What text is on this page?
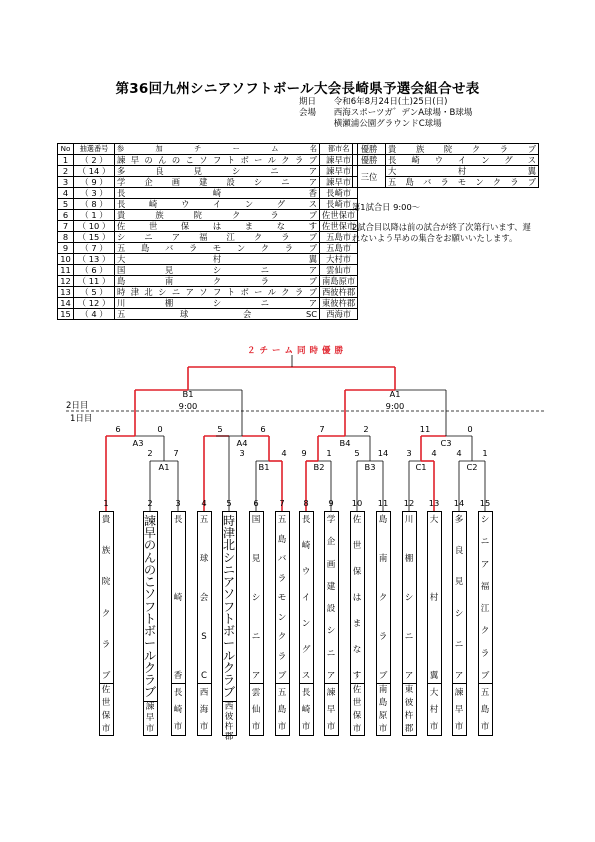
第36回九州シニアソフトボール大会長崎県予選会組合せ表
期日 令和6年8月24日(土)25日(日)
会場 西海スポーツガ゛デンA球場・B球場
横瀬浦公園グラウンドC球場
No	抽選番号	参加チーム名	都市名
1	（ 2 ）	諫早のんのこソフトボールクラブ	諫早市
2	（ 14 ）	多良見シニア	諫早市
3	（ 9 ）	学企画建設シニア	諫早市
4	（ 3 ）	長崎香	長崎市
5	（ 8 ）	長崎ウイングス	長崎市
6	（ 1 ）	貴族院クラブ	佐世保市
7	（ 10 ）	佐世保はまなす	佐世保市
8	（ 15 ）	シニア福江クラブ	五島市
9	（ 7 ）	五島バラモンクラブ	五島市
10	（ 13 ）	大村翼	大村市
11	（ 6 ）	国見シニア	雲仙市
12	（ 11 ）	島南クラブ	南島原市
13	（ 5 ）	時津北シニアソフトボールクラブ	西彼杵郡
14	（ 12 ）	川棚シニア	東彼杵郡
15	（ 4 ）	五球会SC	西海市
優勝	貴族院クラブ
優勝	長崎ウイングス
三位	大村翼
	五島バラモンクラブ

第1試合日 9:00～

2試合目以降は前の試合が終了次第行います、遅れないよう早めの集合をお願いいたします。

２チーム同時優勝
B1
9:00
A1
9:00
A3
6	0
A4
5	6
B4
7	2
C3
11	0
A1
2 7
B1
3	4
B2
9 1
B3
5 14
C1
3 4
C2
4 1
1	2	3 4 5	6 7 8 9 10 11 12 13 14 15
2日目
1日目
貴
族
院
ク
ラ
ブ
佐
世
保
市
諫
早
の
ん
の
こ
ソ
フ
ト
ボ
ー
ル
ク
ラ
ブ
諫
早
市
長
崎
香
長
崎
市
五
球
会
S
C
西
海
市
時
津
北
シ
ニ
ア
ソ
フ
ト
ボ
ー
ル
ク
ラ
ブ
西
彼
杵
郡
国
見
シ
ニ
ア
雲
仙
市
五
島
バ
ラ
モ
ン
ク
ラ
ブ
五
島
市
長
崎
ウ
イ
ン
グ
ス
長
崎
市
学
企
画
建
設
シ
ニ
ア
諫
早
市
佐
世
保
は
ま
な
す
佐
世
保
市
島
南
ク
ラ
ブ
南
島
原
市
川
棚
シ
ニ
ア
東
彼
杵
郡
大
村
翼
大
村
市
多
良
見
シ
ニ
ア
諫
早
市
シ
ニ
ア
福
江
ク
ラ
ブ
五
島
市
